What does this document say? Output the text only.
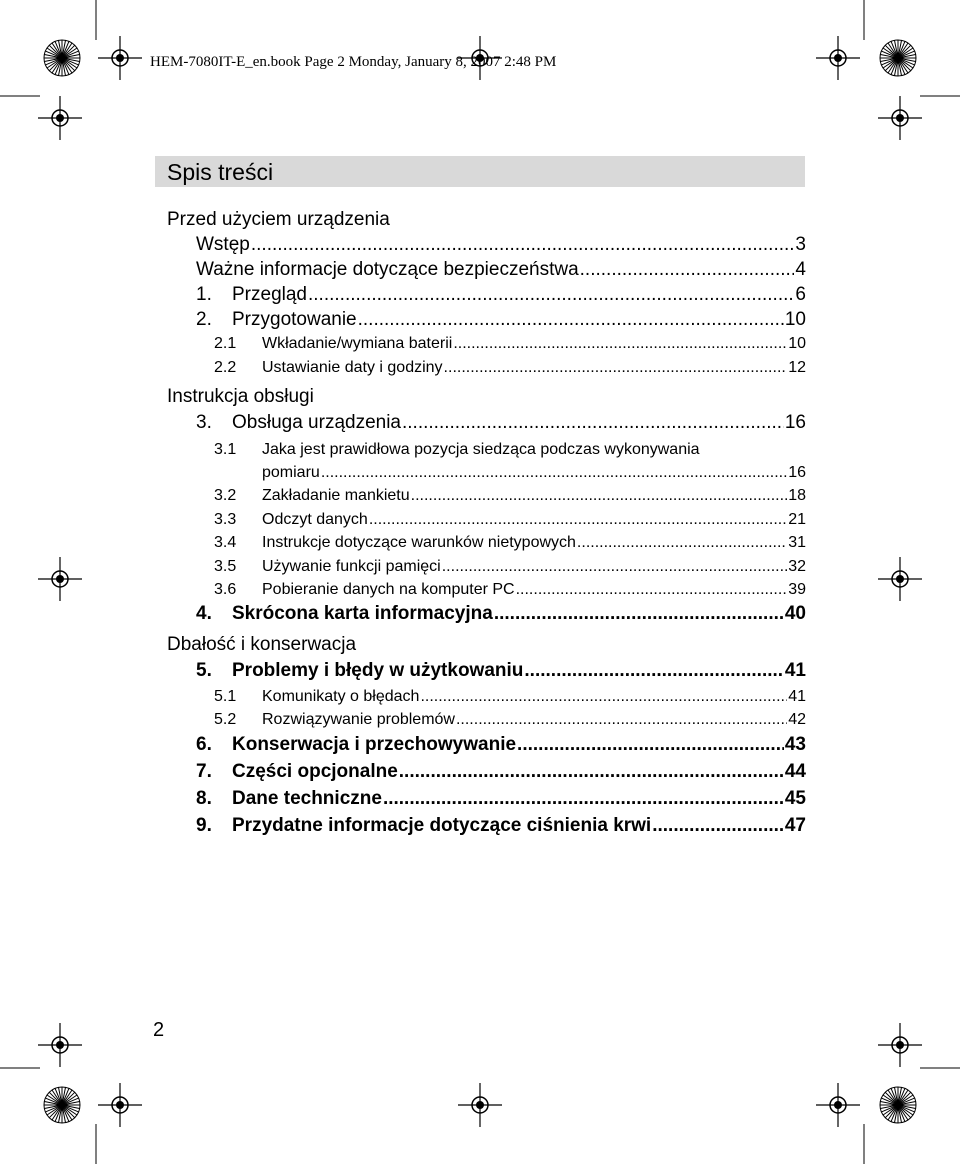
HEM-7080IT-E_en.book Page 2 Monday, January 8, 2007 2:48 PM
Spis treści
Przed użyciem urządzenia
Wstęp .....	3
Ważne informacje dotyczące bezpieczeństwa .....	4
1.	Przegląd .....	6
2.	Przygotowanie .....	10
2.1	Wkładanie/wymiana baterii .....	10
2.2	Ustawianie daty i godziny .....	12
Instrukcja obsługi
3.	Obsługa urządzenia .....	16
3.1	Jaka jest prawidłowa pozycja siedząca podczas wykonywania
pomiaru .....	16
3.2	Zakładanie mankietu .....	18
3.3	Odczyt danych .....	21
3.4	Instrukcje dotyczące warunków nietypowych .....	31
3.5	Używanie funkcji pamięci .....	32
3.6	Pobieranie danych na komputer PC .....	39
4.	Skrócona karta informacyjna .....	40
Dbałość i konserwacja
5.	Problemy i błędy w użytkowaniu .....	41
5.1	Komunikaty o błędach .....	41
5.2	Rozwiązywanie problemów .....	42
6.	Konserwacja i przechowywanie .....	43
7.	Części opcjonalne .....	44
8.	Dane techniczne .....	45
9.	Przydatne informacje dotyczące ciśnienia krwi .....	47
2
